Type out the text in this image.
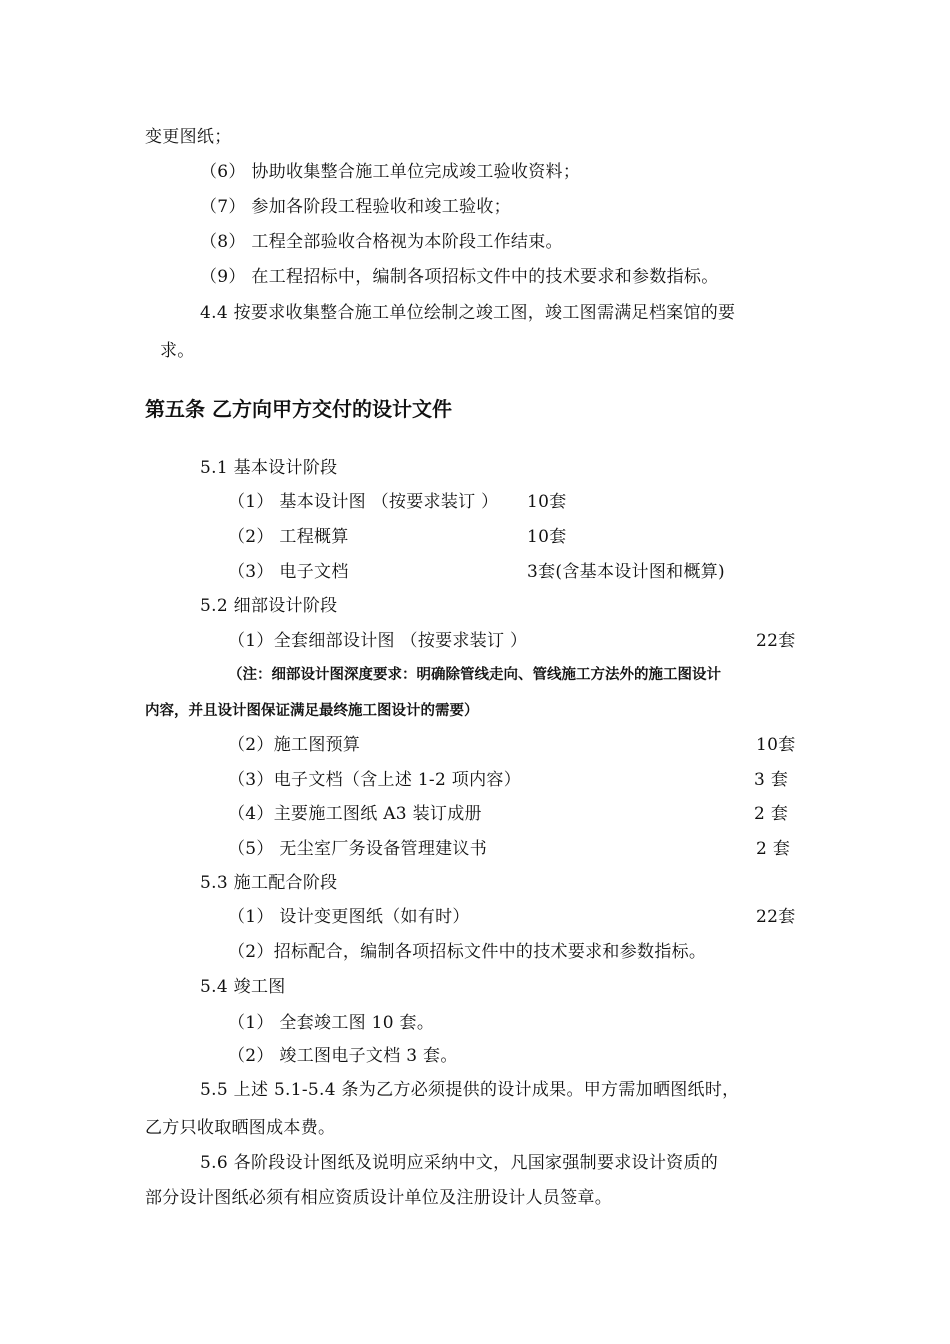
变更图纸；
（6） 协助收集整合施工单位完成竣工验收资料；
（7） 参加各阶段工程验收和竣工验收；
（8） 工程全部验收合格视为本阶段工作结束。
（9） 在工程招标中，编制各项招标文件中的技术要求和参数指标。
4.4 按要求收集整合施工单位绘制之竣工图，竣工图需满足档案馆的要
求。
第五条 乙方向甲方交付的设计文件
5.1 基本设计阶段
（1） 基本设计图 （按要求装订 ） 10套
（2） 工程概算	10套
（3） 电子文档	3套(含基本设计图和概算)
5.2 细部设计阶段
（1）全套细部设计图 （按要求装订 ）	22套
（注：细部设计图深度要求：明确除管线走向、管线施工方法外的施工图设计
内容，并且设计图保证满足最终施工图设计的需要）
（2）施工图预算	10套
（3）电子文档（含上述 1-2 项内容）	3 套
（4）主要施工图纸 A3 装订成册	2 套
（5） 无尘室厂务设备管理建议书	2 套
5.3 施工配合阶段
（1） 设计变更图纸（如有时）	22套
（2）招标配合，编制各项招标文件中的技术要求和参数指标。
5.4 竣工图
（1） 全套竣工图 10 套。
（2） 竣工图电子文档 3 套。
5.5 上述 5.1-5.4 条为乙方必须提供的设计成果。甲方需加晒图纸时，
乙方只收取晒图成本费。
5.6 各阶段设计图纸及说明应采纳中文，凡国家强制要求设计资质的
部分设计图纸必须有相应资质设计单位及注册设计人员签章。
